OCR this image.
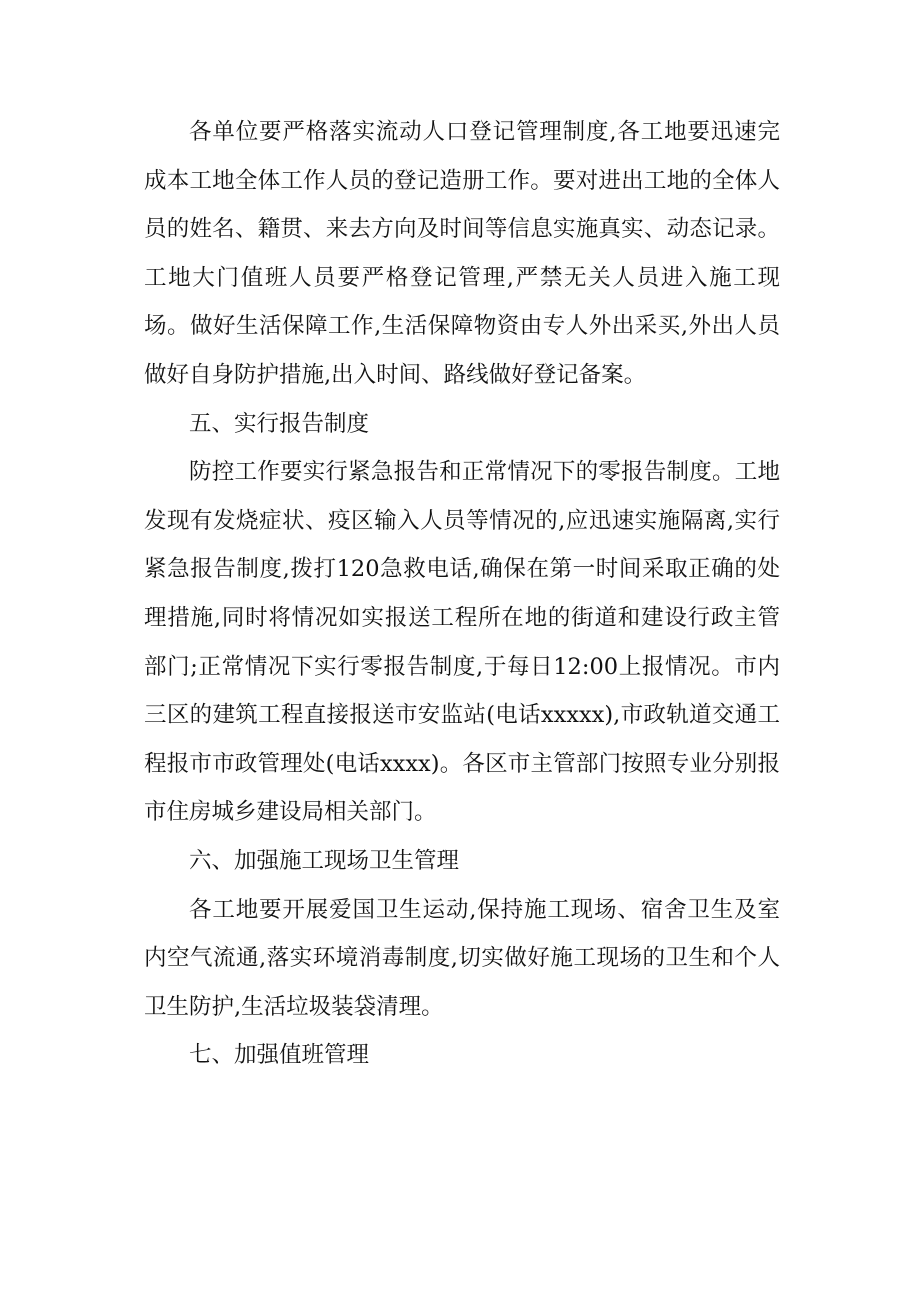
各单位要严格落实流动人口登记管理制度,各工地要迅速完成本工地全体工作人员的登记造册工作。要对进出工地的全体人员的姓名、籍贯、来去方向及时间等信息实施真实、动态记录。工地大门值班人员要严格登记管理,严禁无关人员进入施工现场。做好生活保障工作,生活保障物资由专人外出采买,外出人员做好自身防护措施,出入时间、路线做好登记备案。

五、实行报告制度

防控工作要实行紧急报告和正常情况下的零报告制度。工地发现有发烧症状、疫区输入人员等情况的,应迅速实施隔离,实行紧急报告制度,拨打120急救电话,确保在第一时间采取正确的处理措施,同时将情况如实报送工程所在地的街道和建设行政主管部门;正常情况下实行零报告制度,于每日12:00上报情况。市内三区的建筑工程直接报送市安监站(电话xxxxx),市政轨道交通工程报市市政管理处(电话xxxx)。各区市主管部门按照专业分别报市住房城乡建设局相关部门。

六、加强施工现场卫生管理

各工地要开展爱国卫生运动,保持施工现场、宿舍卫生及室内空气流通,落实环境消毒制度,切实做好施工现场的卫生和个人卫生防护,生活垃圾装袋清理。

七、加强值班管理
